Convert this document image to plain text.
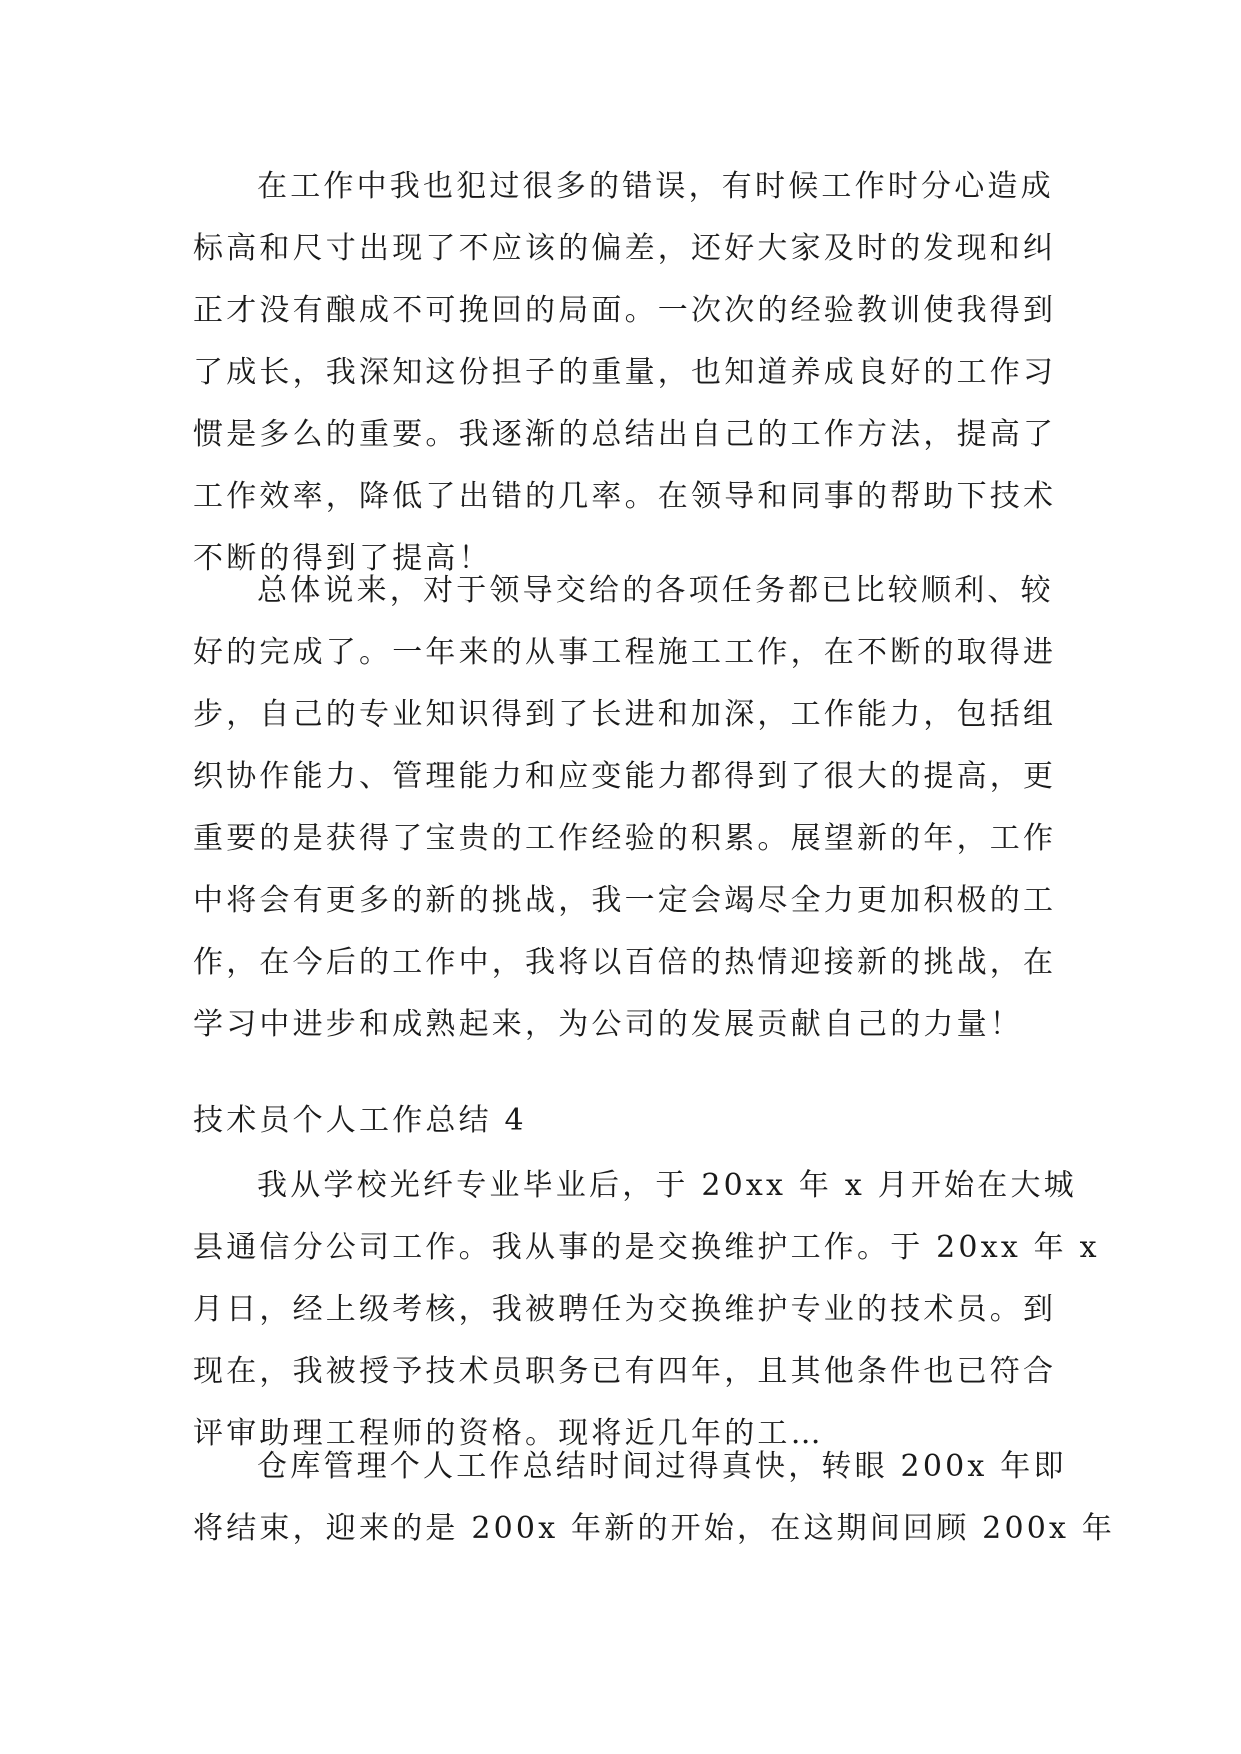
在工作中我也犯过很多的错误，有时候工作时分心造成
标高和尺寸出现了不应该的偏差，还好大家及时的发现和纠
正才没有酿成不可挽回的局面。一次次的经验教训使我得到
了成长，我深知这份担子的重量，也知道养成良好的工作习
惯是多么的重要。我逐渐的总结出自己的工作方法，提高了
工作效率，降低了出错的几率。在领导和同事的帮助下技术
不断的得到了提高！
总体说来，对于领导交给的各项任务都已比较顺利、较
好的完成了。一年来的从事工程施工工作，在不断的取得进
步，自己的专业知识得到了长进和加深，工作能力，包括组
织协作能力、管理能力和应变能力都得到了很大的提高，更
重要的是获得了宝贵的工作经验的积累。展望新的年，工作
中将会有更多的新的挑战，我一定会竭尽全力更加积极的工
作，在今后的工作中，我将以百倍的热情迎接新的挑战，在
学习中进步和成熟起来，为公司的发展贡献自己的力量！
技术员个人工作总结 4
我从学校光纤专业毕业后，于 20xx 年 x 月开始在大城
县通信分公司工作。我从事的是交换维护工作。于 20xx 年 x
月日，经上级考核，我被聘任为交换维护专业的技术员。到
现在，我被授予技术员职务已有四年，且其他条件也已符合
评审助理工程师的资格。现将近几年的工…
仓库管理个人工作总结时间过得真快，转眼 200x 年即
将结束，迎来的是 200x 年新的开始，在这期间回顾 200x 年
